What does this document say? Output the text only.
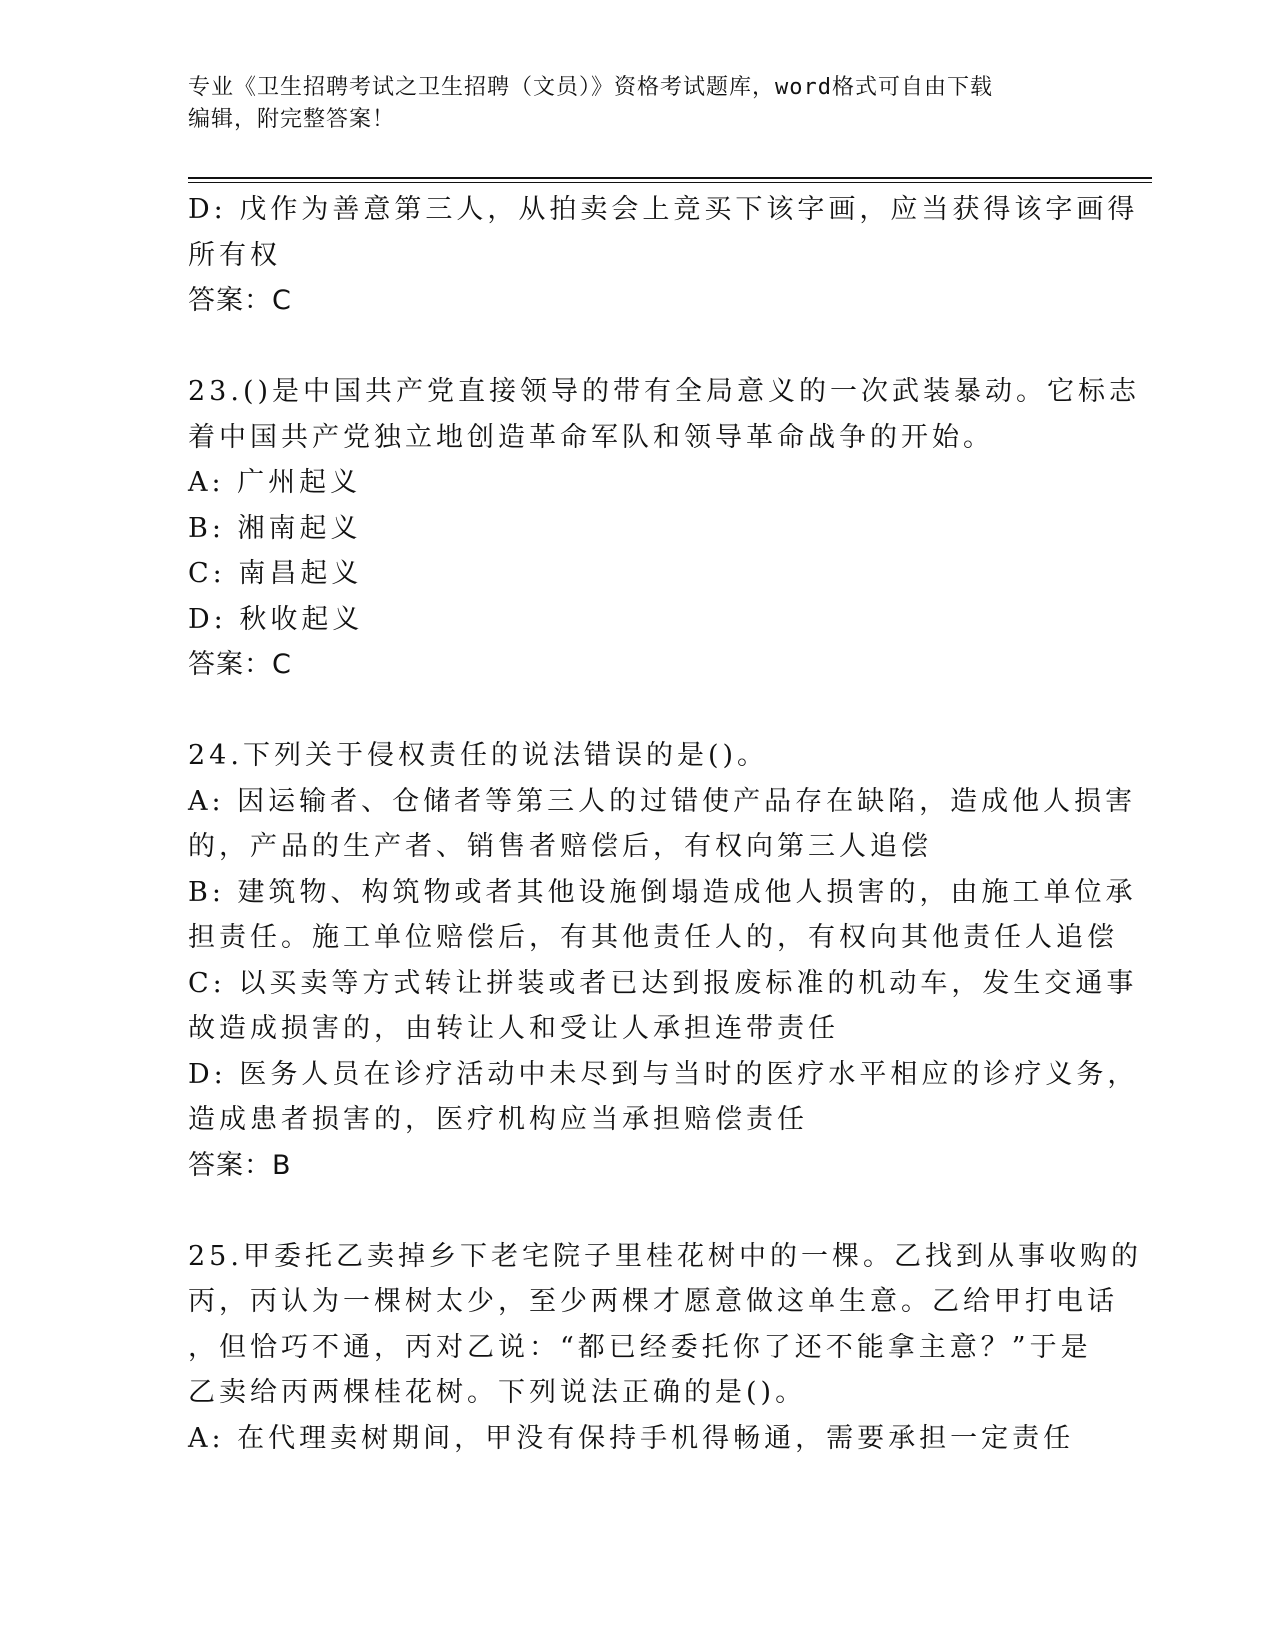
专业《卫生招聘考试之卫生招聘（文员）》资格考试题库，word格式可自由下载
编辑，附完整答案！
D: 戊作为善意第三人，从拍卖会上竞买下该字画，应当获得该字画得
所有权
答案：C
23.()是中国共产党直接领导的带有全局意义的一次武装暴动。它标志
着中国共产党独立地创造革命军队和领导革命战争的开始。
A: 广州起义
B: 湘南起义
C: 南昌起义
D: 秋收起义
答案：C
24.下列关于侵权责任的说法错误的是()。
A: 因运输者、仓储者等第三人的过错使产品存在缺陷，造成他人损害
的，产品的生产者、销售者赔偿后，有权向第三人追偿
B: 建筑物、构筑物或者其他设施倒塌造成他人损害的，由施工单位承
担责任。施工单位赔偿后，有其他责任人的，有权向其他责任人追偿
C: 以买卖等方式转让拼装或者已达到报废标准的机动车，发生交通事
故造成损害的，由转让人和受让人承担连带责任
D: 医务人员在诊疗活动中未尽到与当时的医疗水平相应的诊疗义务，
造成患者损害的，医疗机构应当承担赔偿责任
答案：B
25.甲委托乙卖掉乡下老宅院子里桂花树中的一棵。乙找到从事收购的
丙，丙认为一棵树太少，至少两棵才愿意做这单生意。乙给甲打电话
，但恰巧不通，丙对乙说：“都已经委托你了还不能拿主意？”于是
乙卖给丙两棵桂花树。下列说法正确的是()。
A: 在代理卖树期间，甲没有保持手机得畅通，需要承担一定责任
